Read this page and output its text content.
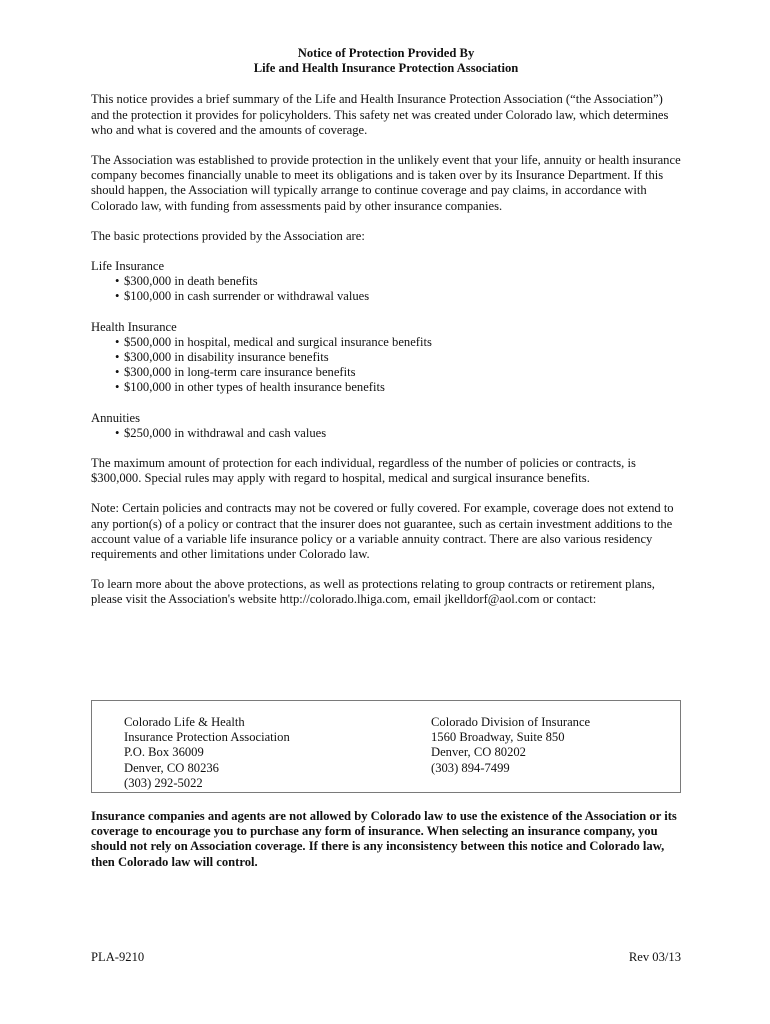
Notice of Protection Provided By
Life and Health Insurance Protection Association

This notice provides a brief summary of the Life and Health Insurance Protection Association (“the Association”) and the protection it provides for policyholders. This safety net was created under Colorado law, which determines who and what is covered and the amounts of coverage.

The Association was established to provide protection in the unlikely event that your life, annuity or health insurance company becomes financially unable to meet its obligations and is taken over by its Insurance Department. If this should happen, the Association will typically arrange to continue coverage and pay claims, in accordance with Colorado law, with funding from assessments paid by other insurance companies.

The basic protections provided by the Association are:

Life Insurance
• $300,000 in death benefits
• $100,000 in cash surrender or withdrawal values
Health Insurance
• $500,000 in hospital, medical and surgical insurance benefits
• $300,000 in disability insurance benefits
• $300,000 in long-term care insurance benefits
• $100,000 in other types of health insurance benefits
Annuities
• $250,000 in withdrawal and cash values

The maximum amount of protection for each individual, regardless of the number of policies or contracts, is $300,000. Special rules may apply with regard to hospital, medical and surgical insurance benefits.

Note: Certain policies and contracts may not be covered or fully covered. For example, coverage does not extend to any portion(s) of a policy or contract that the insurer does not guarantee, such as certain investment additions to the account value of a variable life insurance policy or a variable annuity contract. There are also various residency requirements and other limitations under Colorado law.

To learn more about the above protections, as well as protections relating to group contracts or retirement plans, please visit the Association's website http://colorado.lhiga.com, email jkelldorf@aol.com or contact:

Colorado Life & Health
Insurance Protection Association
P.O. Box 36009
Denver, CO 80236
(303) 292-5022
Colorado Division of Insurance
1560 Broadway, Suite 850
Denver, CO 80202
(303) 894-7499

Insurance companies and agents are not allowed by Colorado law to use the existence of the Association or its coverage to encourage you to purchase any form of insurance. When selecting an insurance company, you should not rely on Association coverage. If there is any inconsistency between this notice and Colorado law, then Colorado law will control.

PLA-9210	Rev 03/13
